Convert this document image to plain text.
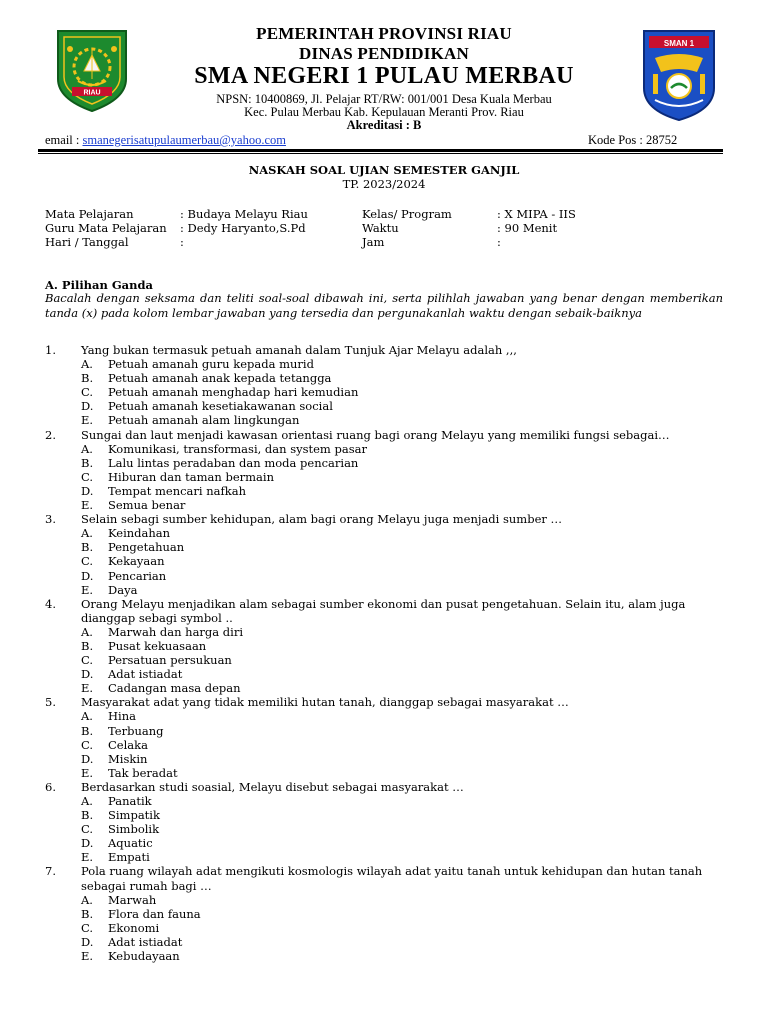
RIAU
SMAN 1
PEMERINTAH PROVINSI RIAU
DINAS PENDIDIKAN
SMA NEGERI 1 PULAU MERBAU
NPSN: 10400869, Jl. Pelajar RT/RW: 001/001 Desa Kuala Merbau
Kec. Pulau Merbau Kab. Kepulauan Meranti Prov. Riau
Akreditasi : B
email : smanegerisatupulaumerbau@yahoo.com	Kode Pos : 28752
NASKAH SOAL UJIAN SEMESTER GANJIL
TP. 2023/2024
Mata Pelajaran	: Budaya Melayu Riau	Kelas/ Program	: X MIPA - IIS
Guru Mata Pelajaran : Dedy Haryanto,S.Pd	Waktu	: 90 Menit
Hari / Tanggal	:	Jam	:
A. Pilihan Ganda
Bacalah dengan seksama dan teliti soal-soal dibawah ini, serta pilihlah jawaban yang benar dengan memberikan tanda (x) pada kolom lembar jawaban yang tersedia dan pergunakanlah waktu dengan sebaik-baiknya
1. Yang bukan termasuk petuah amanah dalam Tunjuk Ajar Melayu adalah ,,,
A. Petuah amanah guru kepada murid
B. Petuah amanah anak kepada tetangga
C. Petuah amanah menghadap hari kemudian
D. Petuah amanah kesetiakawanan social
E. Petuah amanah alam lingkungan
2. Sungai dan laut menjadi kawasan orientasi ruang bagi orang Melayu yang memiliki fungsi sebagai…
A. Komunikasi, transformasi, dan system pasar
B. Lalu lintas peradaban dan moda pencarian
C. Hiburan dan taman bermain
D. Tempat mencari nafkah
E. Semua benar
3. Selain sebagi sumber kehidupan, alam bagi orang Melayu juga menjadi sumber …
A. Keindahan
B. Pengetahuan
C. Kekayaan
D. Pencarian
E. Daya
4. Orang Melayu menjadikan alam sebagai sumber ekonomi dan pusat pengetahuan. Selain itu, alam juga
dianggap sebagi symbol ..
A. Marwah dan harga diri
B. Pusat kekuasaan
C. Persatuan persukuan
D. Adat istiadat
E. Cadangan masa depan
5. Masyarakat adat yang tidak memiliki hutan tanah, dianggap sebagai masyarakat …
A. Hina
B. Terbuang
C. Celaka
D. Miskin
E. Tak beradat
6. Berdasarkan studi soasial, Melayu disebut sebagai masyarakat …
A. Panatik
B. Simpatik
C. Simbolik
D. Aquatic
E. Empati
7. Pola ruang wilayah adat mengikuti kosmologis wilayah adat yaitu tanah untuk kehidupan dan hutan tanah
sebagai rumah bagi …
A. Marwah
B. Flora dan fauna
C. Ekonomi
D. Adat istiadat
E. Kebudayaan
